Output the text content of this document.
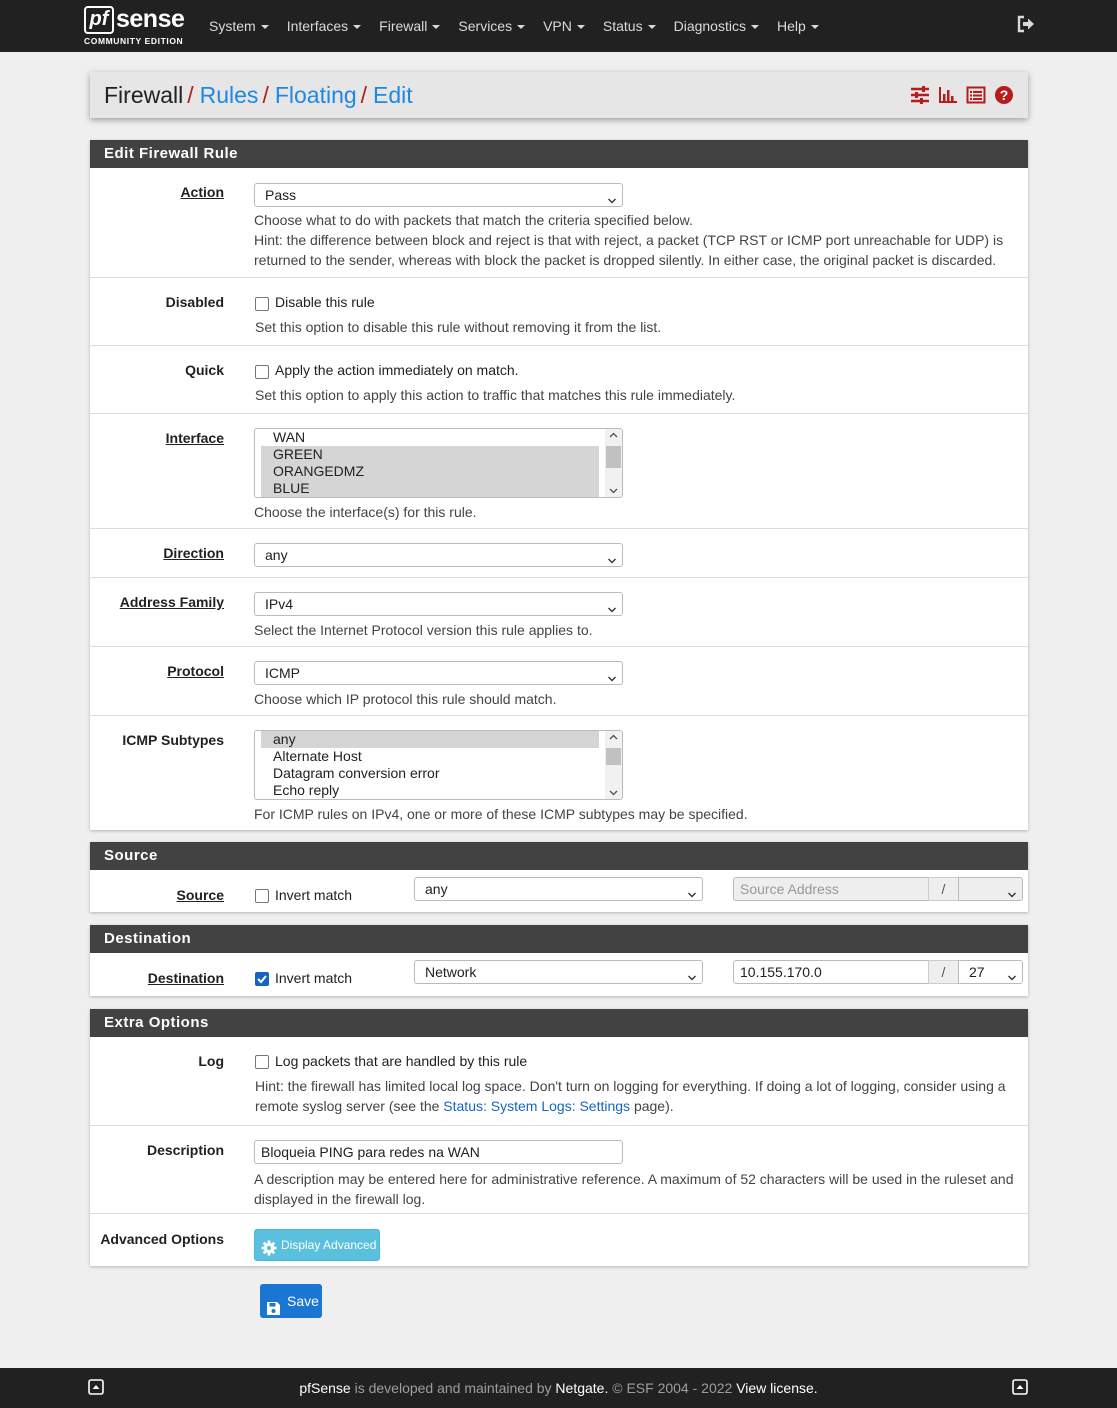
pf sense
COMMUNITY EDITION
System	Interfaces	Firewall	Services	VPN	Status	Diagnostics	Help
Firewall / Rules / Floating / Edit	?
Edit Firewall Rule
Action	Pass
Choose what to do with packets that match the criteria specified below.
Hint: the difference between block and reject is that with reject, a packet (TCP RST or ICMP port unreachable for UDP) is
returned to the sender, whereas with block the packet is dropped silently. In either case, the original packet is discarded.
Disabled	Disable this rule
Set this option to disable this rule without removing it from the list.
Quick	Apply the action immediately on match.
Set this option to apply this action to traffic that matches this rule immediately.
Interface	WAN
GREEN
ORANGEDMZ
BLUE
Choose the interface(s) for this rule.
Direction	any
Address Family	IPv4
Select the Internet Protocol version this rule applies to.
Protocol	ICMP
Choose which IP protocol this rule should match.
ICMP Subtypes	any
Alternate Host
Datagram conversion error
Echo reply
For ICMP rules on IPv4, one or more of these ICMP subtypes may be specified.
Source
Source	Invert match	any	Source Address	/
Destination
Destination	Invert match	Network	10.155.170.0	/	27
Extra Options
Log	Log packets that are handled by this rule
Hint: the firewall has limited local log space. Don't turn on logging for everything. If doing a lot of logging, consider using a
remote syslog server (see the Status: System Logs: Settings page).
Description	Bloqueia PING para redes na WAN
A description may be entered here for administrative reference. A maximum of 52 characters will be used in the ruleset and
displayed in the firewall log.
Advanced Options	Display Advanced
Save
pfSense is developed and maintained by Netgate. © ESF 2004 - 2022 View license.
